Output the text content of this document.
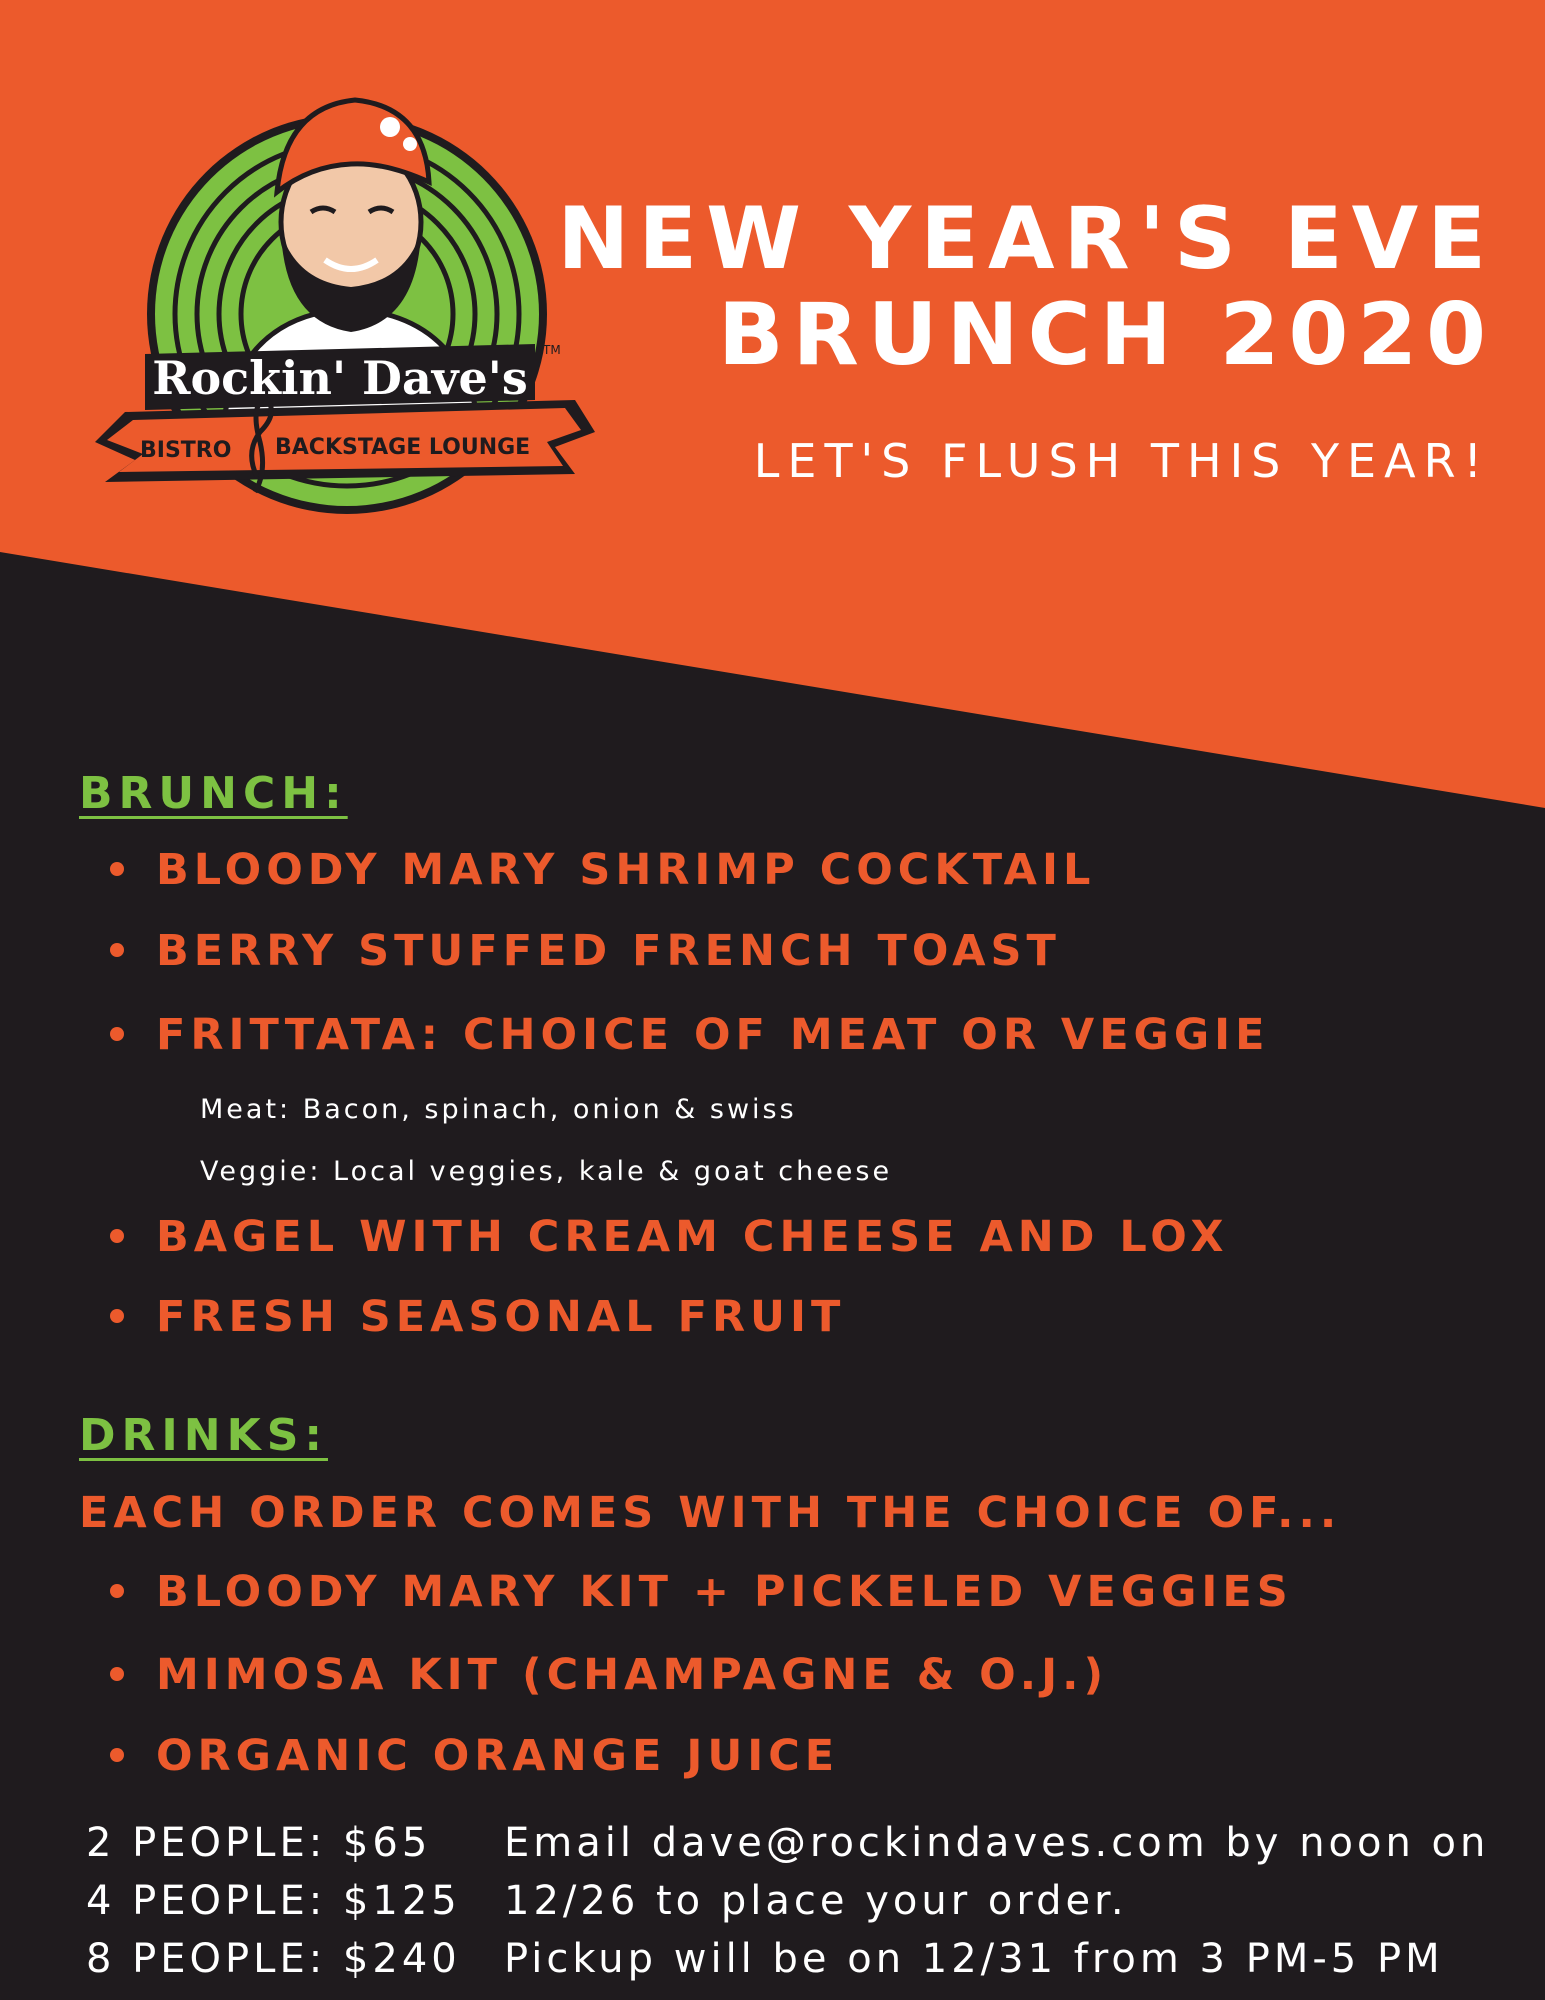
Rockin' Dave's
TM
BISTRO BACKSTAGE LOUNGE
NEW YEAR'S EVE
BRUNCH 2020
LET'S FLUSH THIS YEAR!
BRUNCH:
BLOODY MARY SHRIMP COCKTAIL
BERRY STUFFED FRENCH TOAST
FRITTATA: CHOICE OF MEAT OR VEGGIE
BAGEL WITH CREAM CHEESE AND LOX
FRESH SEASONAL FRUIT

Meat: Bacon, spinach, onion & swiss

Veggie: Local veggies, kale & goat cheese

DRINKS:

EACH ORDER COMES WITH THE CHOICE OF...

BLOODY MARY KIT + PICKELED VEGGIES
MIMOSA KIT (CHAMPAGNE & O.J.)
ORGANIC ORANGE JUICE

2 PEOPLE: $65

4 PEOPLE: $125

8 PEOPLE: $240

Email dave@rockindaves.com by noon on

12/26 to place your order.

Pickup will be on 12/31 from 3 PM-5 PM
